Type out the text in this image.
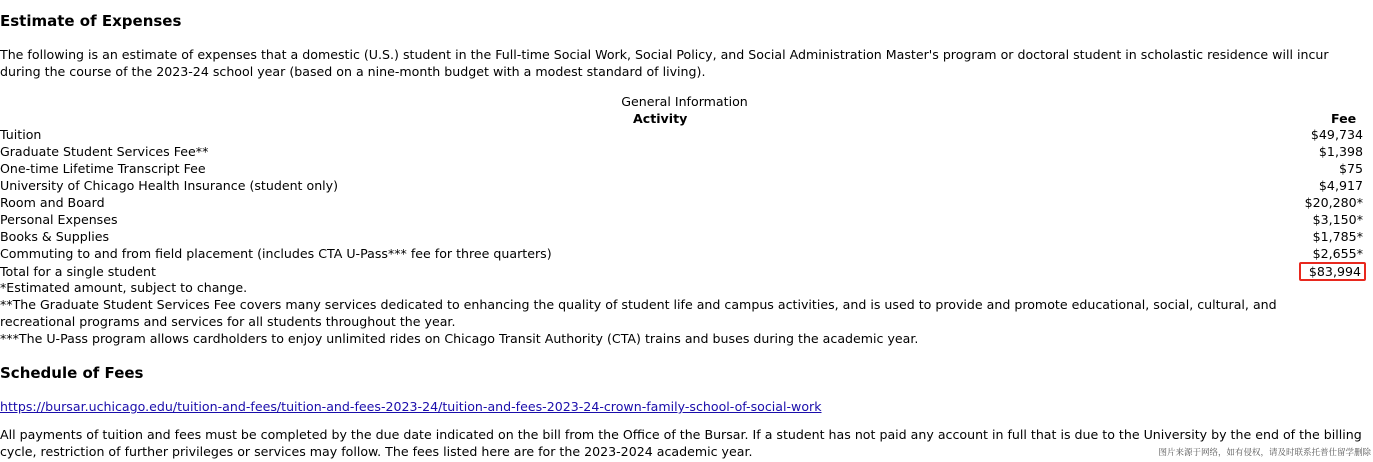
Estimate of Expenses

The following is an estimate of expenses that a domestic (U.S.) student in the Full-time Social Work, Social Policy, and Social Administration Master's program or doctoral student in scholastic residence will incur during the course of the 2023-24 school year (based on a nine-month budget with a modest standard of living).

General Information
Activity	Fee
Tuition	$49,734
Graduate Student Services Fee**	$1,398
One-time Lifetime Transcript Fee	$75
University of Chicago Health Insurance (student only)	$4,917
Room and Board	$20,280*
Personal Expenses	$3,150*
Books & Supplies	$1,785*
Commuting to and from field placement (includes CTA U-Pass*** fee for three quarters)	$2,655*
Total for a single student	$83,994
*Estimated amount, subject to change.
**The Graduate Student Services Fee covers many services dedicated to enhancing the quality of student life and campus activities, and is used to provide and promote educational, social, cultural, and recreational programs and services for all students throughout the year.
***The U-Pass program allows cardholders to enjoy unlimited rides on Chicago Transit Authority (CTA) trains and buses during the academic year.
Schedule of Fees
https://bursar.uchicago.edu/tuition-and-fees/tuition-and-fees-2023-24/tuition-and-fees-2023-24-crown-family-school-of-social-work

All payments of tuition and fees must be completed by the due date indicated on the bill from the Office of the Bursar. If a student has not paid any account in full that is due to the University by the end of the billing cycle, restriction of further privileges or services may follow. The fees listed here are for the 2023-2024 academic year.	图片来源于网络，如有侵权，请及时联系托普仕留学删除
